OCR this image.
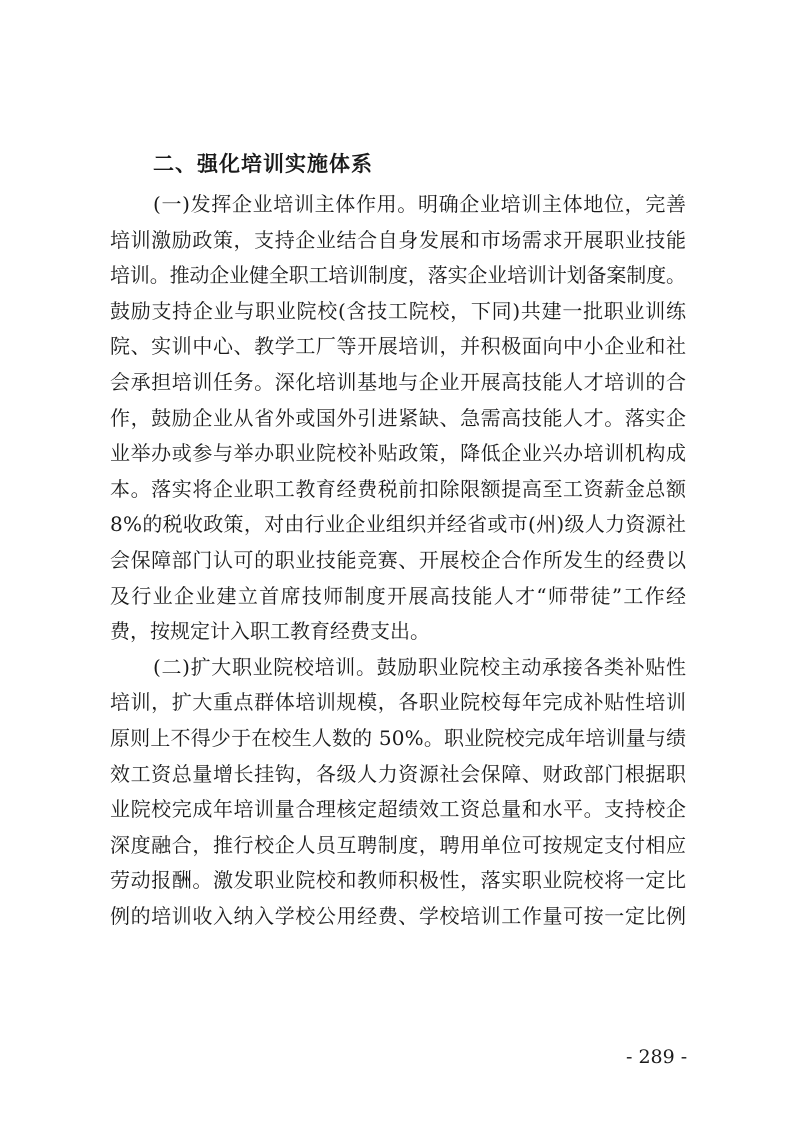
二、强化培训实施体系
(一)发挥企业培训主体作用。明确企业培训主体地位，完善
培训激励政策，支持企业结合自身发展和市场需求开展职业技能
培训。推动企业健全职工培训制度，落实企业培训计划备案制度。
鼓励支持企业与职业院校(含技工院校，下同)共建一批职业训练
院、实训中心、教学工厂等开展培训，并积极面向中小企业和社
会承担培训任务。深化培训基地与企业开展高技能人才培训的合
作，鼓励企业从省外或国外引进紧缺、急需高技能人才。落实企
业举办或参与举办职业院校补贴政策，降低企业兴办培训机构成
本。落实将企业职工教育经费税前扣除限额提高至工资薪金总额
8%的税收政策，对由行业企业组织并经省或市(州)级人力资源社
会保障部门认可的职业技能竞赛、开展校企合作所发生的经费以
及行业企业建立首席技师制度开展高技能人才“师带徒”工作经
费，按规定计入职工教育经费支出。
(二)扩大职业院校培训。鼓励职业院校主动承接各类补贴性
培训，扩大重点群体培训规模，各职业院校每年完成补贴性培训
原则上不得少于在校生人数的 50%。职业院校完成年培训量与绩
效工资总量增长挂钩，各级人力资源社会保障、财政部门根据职
业院校完成年培训量合理核定超绩效工资总量和水平。支持校企
深度融合，推行校企人员互聘制度，聘用单位可按规定支付相应
劳动报酬。激发职业院校和教师积极性，落实职业院校将一定比
例的培训收入纳入学校公用经费、学校培训工作量可按一定比例
- 289 -
